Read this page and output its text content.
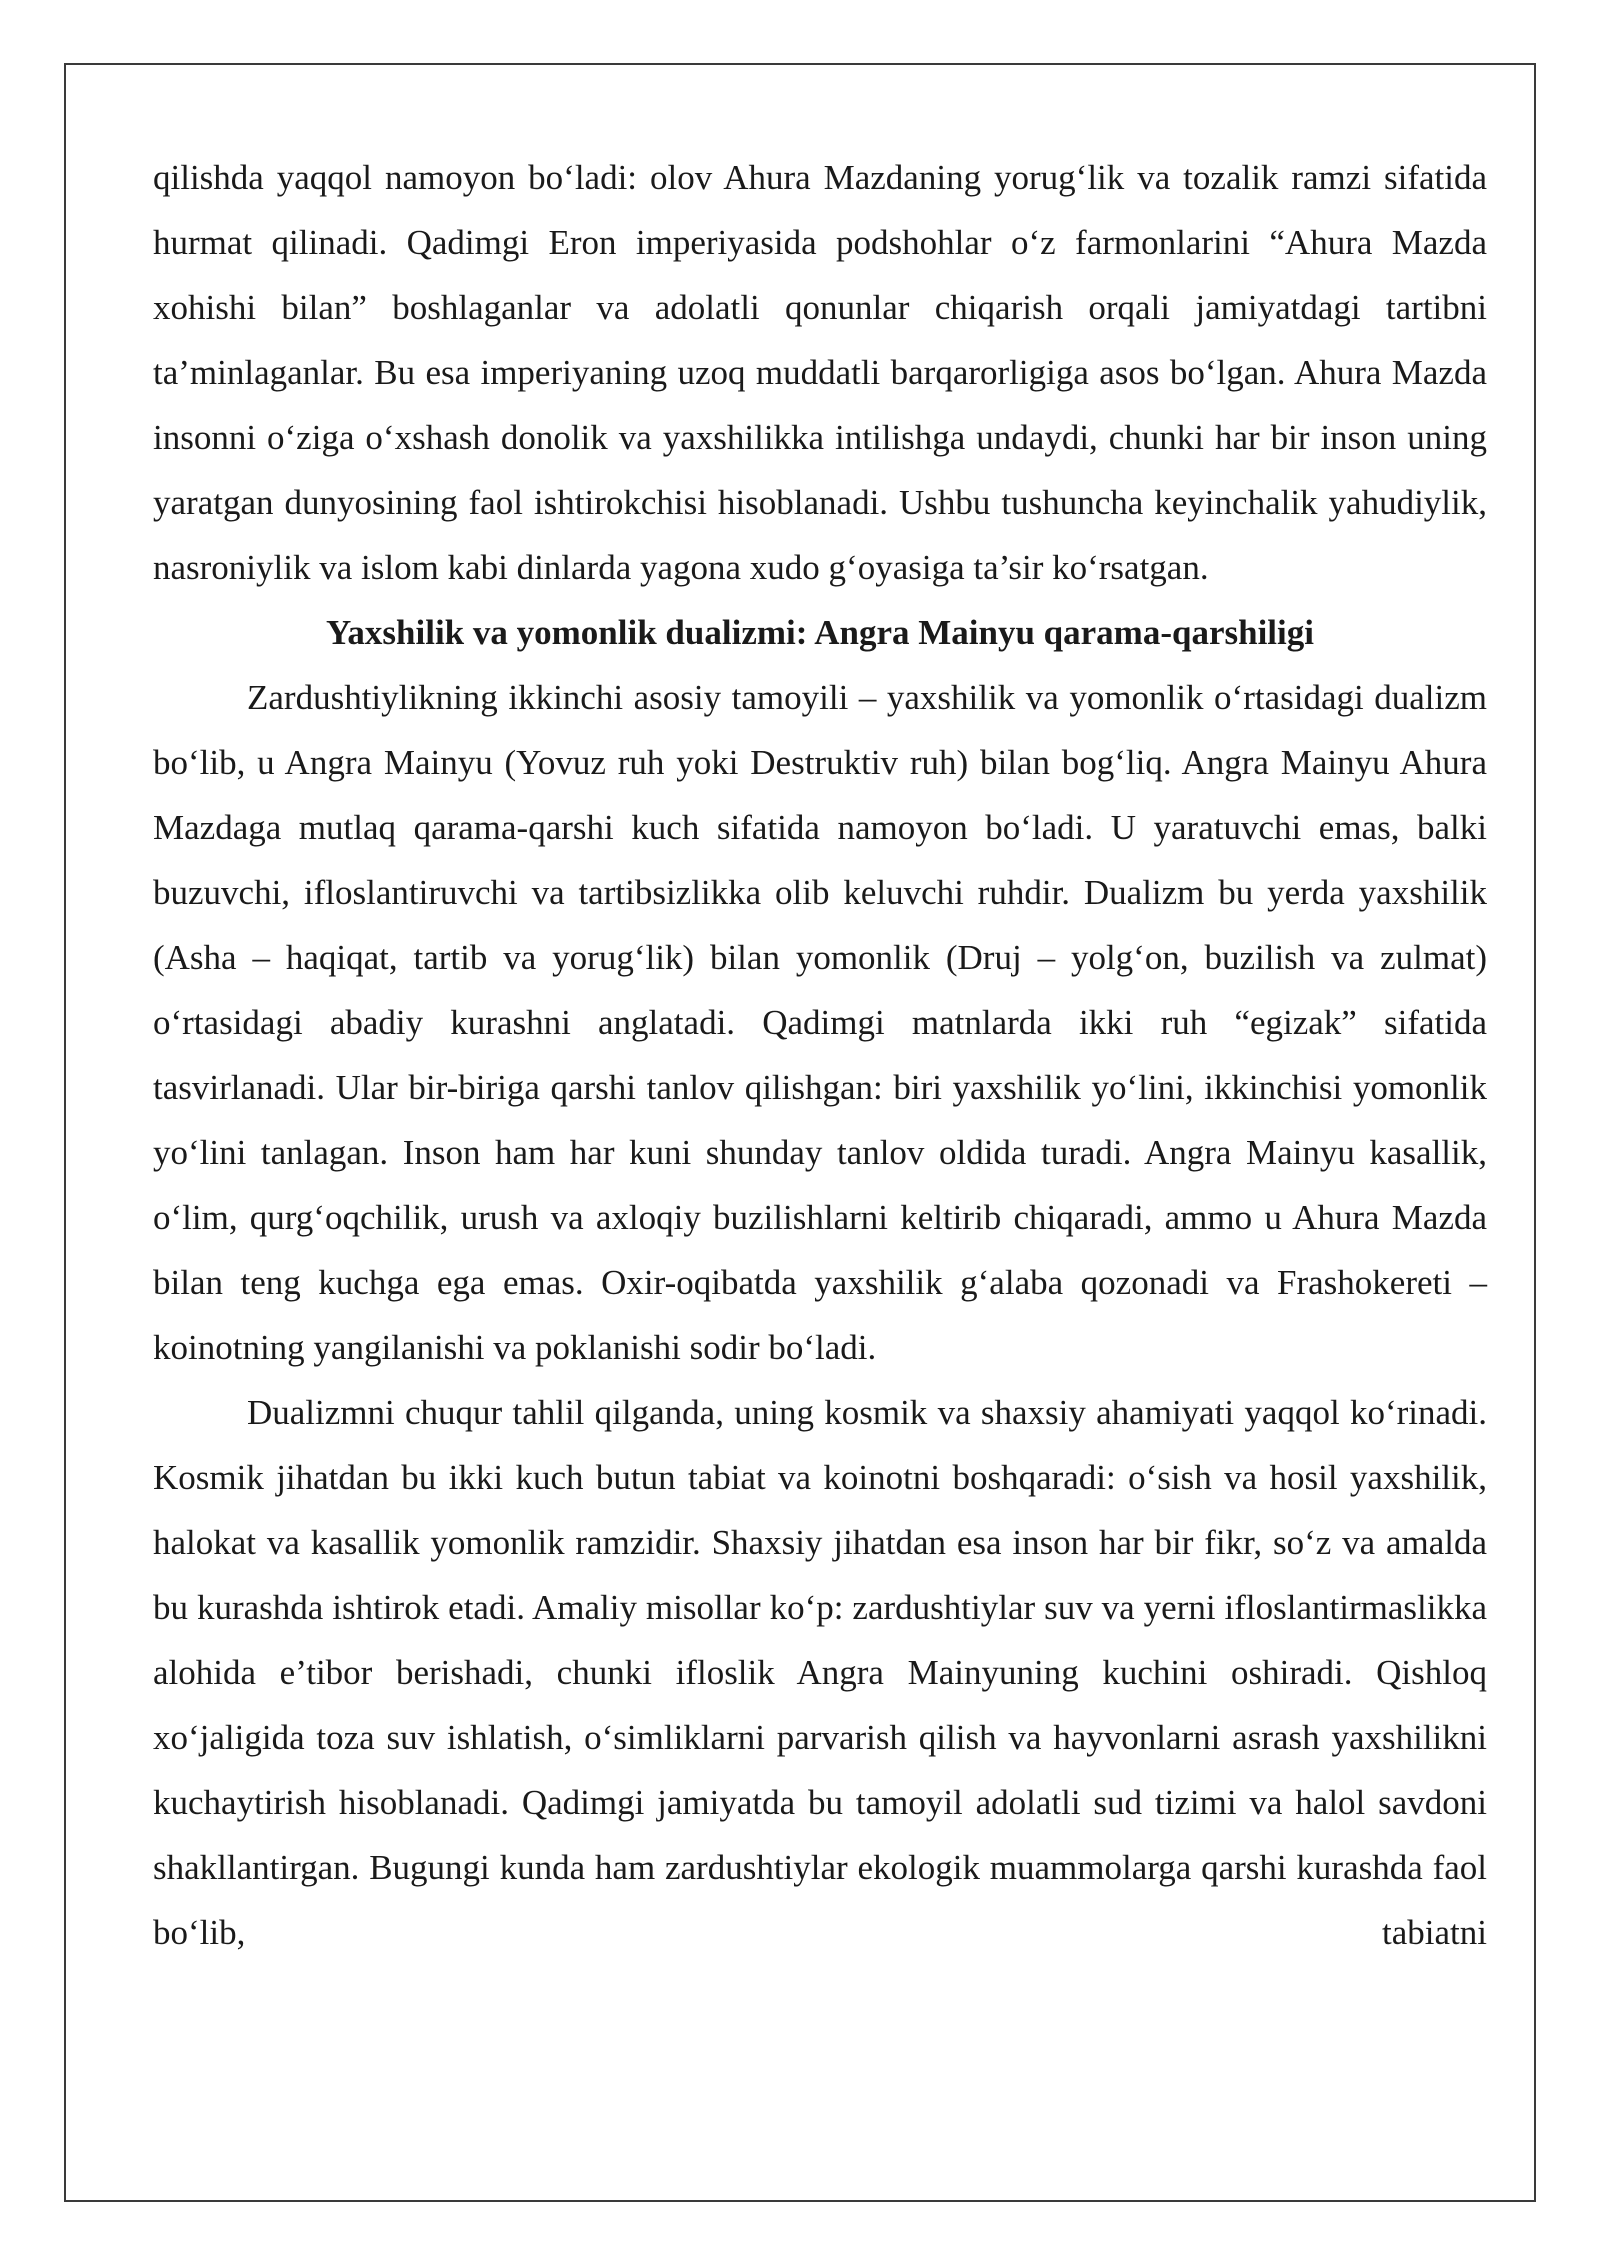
qilishda yaqqol namoyon bo‘ladi: olov Ahura Mazdaning yorug‘lik va tozalik ramzi sifatida hurmat qilinadi. Qadimgi Eron imperiyasida podshohlar o‘z farmonlarini “Ahura Mazda xohishi bilan” boshlaganlar va adolatli qonunlar chiqarish orqali jamiyatdagi tartibni ta’minlaganlar. Bu esa imperiyaning uzoq muddatli barqarorligiga asos bo‘lgan. Ahura Mazda insonni o‘ziga o‘xshash donolik va yaxshilikka intilishga undaydi, chunki har bir inson uning yaratgan dunyosining faol ishtirokchisi hisoblanadi. Ushbu tushuncha keyinchalik yahudiylik, nasroniylik va islom kabi dinlarda yagona xudo g‘oyasiga ta’sir ko‘rsatgan.

Yaxshilik va yomonlik dualizmi: Angra Mainyu qarama-qarshiligi

Zardushtiylikning ikkinchi asosiy tamoyili – yaxshilik va yomonlik o‘rtasidagi dualizm bo‘lib, u Angra Mainyu (Yovuz ruh yoki Destruktiv ruh) bilan bog‘liq. Angra Mainyu Ahura Mazdaga mutlaq qarama-qarshi kuch sifatida namoyon bo‘ladi. U yaratuvchi emas, balki buzuvchi, ifloslantiruvchi va tartibsizlikka olib keluvchi ruhdir. Dualizm bu yerda yaxshilik (Asha – haqiqat, tartib va yorug‘lik) bilan yomonlik (Druj – yolg‘on, buzilish va zulmat) o‘rtasidagi abadiy kurashni anglatadi. Qadimgi matnlarda ikki ruh “egizak” sifatida tasvirlanadi. Ular bir-biriga qarshi tanlov qilishgan: biri yaxshilik yo‘lini, ikkinchisi yomonlik yo‘lini tanlagan. Inson ham har kuni shunday tanlov oldida turadi. Angra Mainyu kasallik, o‘lim, qurg‘oqchilik, urush va axloqiy buzilishlarni keltirib chiqaradi, ammo u Ahura Mazda bilan teng kuchga ega emas. Oxir-oqibatda yaxshilik g‘alaba qozonadi va Frashokereti – koinotning yangilanishi va poklanishi sodir bo‘ladi.

Dualizmni chuqur tahlil qilganda, uning kosmik va shaxsiy ahamiyati yaqqol ko‘rinadi. Kosmik jihatdan bu ikki kuch butun tabiat va koinotni boshqaradi: o‘sish va hosil yaxshilik, halokat va kasallik yomonlik ramzidir. Shaxsiy jihatdan esa inson har bir fikr, so‘z va amalda bu kurashda ishtirok etadi. Amaliy misollar ko‘p: zardushtiylar suv va yerni ifloslantirmaslikka alohida e’tibor berishadi, chunki ifloslik Angra Mainyuning kuchini oshiradi. Qishloq xo‘jaligida toza suv ishlatish, o‘simliklarni parvarish qilish va hayvonlarni asrash yaxshilikni kuchaytirish hisoblanadi. Qadimgi jamiyatda bu tamoyil adolatli sud tizimi va halol savdoni shakllantirgan. Bugungi kunda ham zardushtiylar ekologik muammolarga qarshi kurashda faol bo‘lib, tabiatni
